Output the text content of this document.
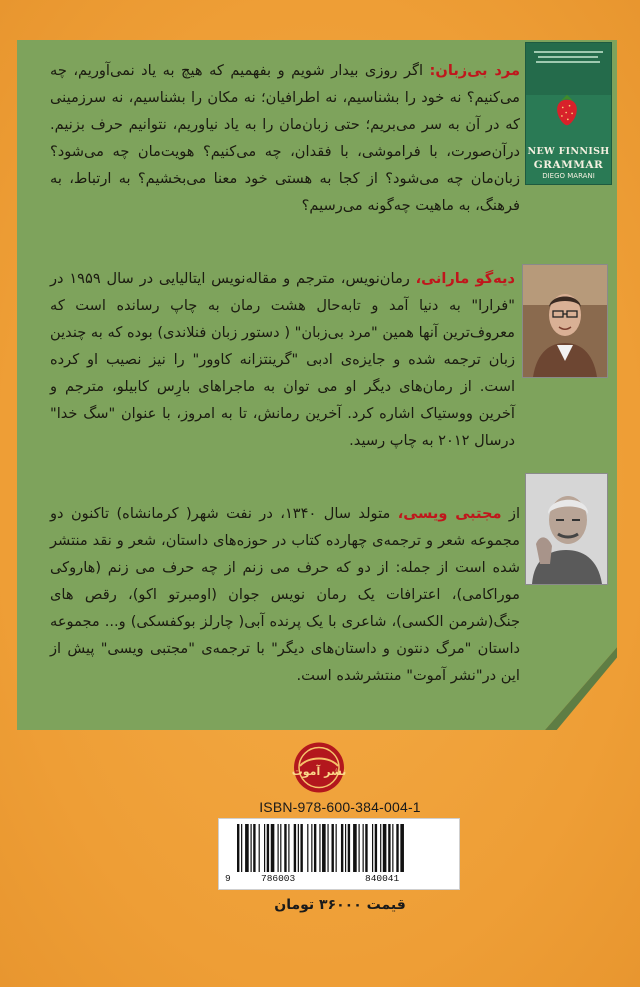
NEW FINNISH
GRAMMAR
DIEGO MARANI

مرد بی‌زبان: اگر روزی بیدار شویم و بفهمیم که هیچ به یاد نمی‌آوریم، چه می‌کنیم؟ نه خود را بشناسیم، نه اطرافیان؛ نه مکان را بشناسیم، نه سرزمینی که در آن به سر می‌بریم؛ حتی زبان‌مان را به یاد نیاوریم، نتوانیم حرف بزنیم. درآن‌صورت، با فراموشی، با فقدان، چه می‌کنیم؟ هویت‌مان چه می‌شود؟ زبان‌مان چه می‌شود؟ از کجا به هستی خود معنا می‌بخشیم؟ به ارتباط، به فرهنگ، به ماهیت چه‌گونه می‌رسیم؟

دیه‌گو مارانی، رمان‌نویس، مترجم و مقاله‌نویس ایتالیایی در سال ۱۹۵۹ در "فرارا" به دنیا آمد و تابه‌حال هشت رمان به چاپ رسانده است که معروف‌ترین آنها همین "مرد بی‌زبان" ( دستور زبان فنلاندی) بوده که به چندین زبان ترجمه شده و جایزه‌ی ادبی "گرینتزانه کاوور" را نیز نصیب او کرده است. از رمان‌های دیگر او می توان به ماجراهای بارِس کابیلو، مترجم و آخرین ووستیاک اشاره کرد. آخرین رمانش، تا به امروز، با عنوان "سگ خدا" درسال ۲۰۱۲ به چاپ رسید.

از مجتبی ویسی، متولد سال ۱۳۴۰، در نفت شهر( کرمانشاه) تاکنون دو مجموعه شعر و ترجمه‌ی چهارده کتاب در حوزه‌های داستان، شعر و نقد منتشر شده است از جمله: از دو که حرف می زنم از چه حرف می زنم (هاروکی موراکامی)، اعترافات یک رمان نویس جوان (اومبرتو اکو)، رقص های جنگ(شرمن الکسی)، شاعری با یک پرنده آبی( چارلز بوکفسکی) و... مجموعه داستان "مرگ دنتون و داستان‌های دیگر" با ترجمه‌ی "مجتبی ویسی" پیش از این در"نشر آموت" منتشرشده است.

نشر آموت
ISBN-978-600-384-004-1
9	786003	840041
قیمت ۳۶۰۰۰ تومان
